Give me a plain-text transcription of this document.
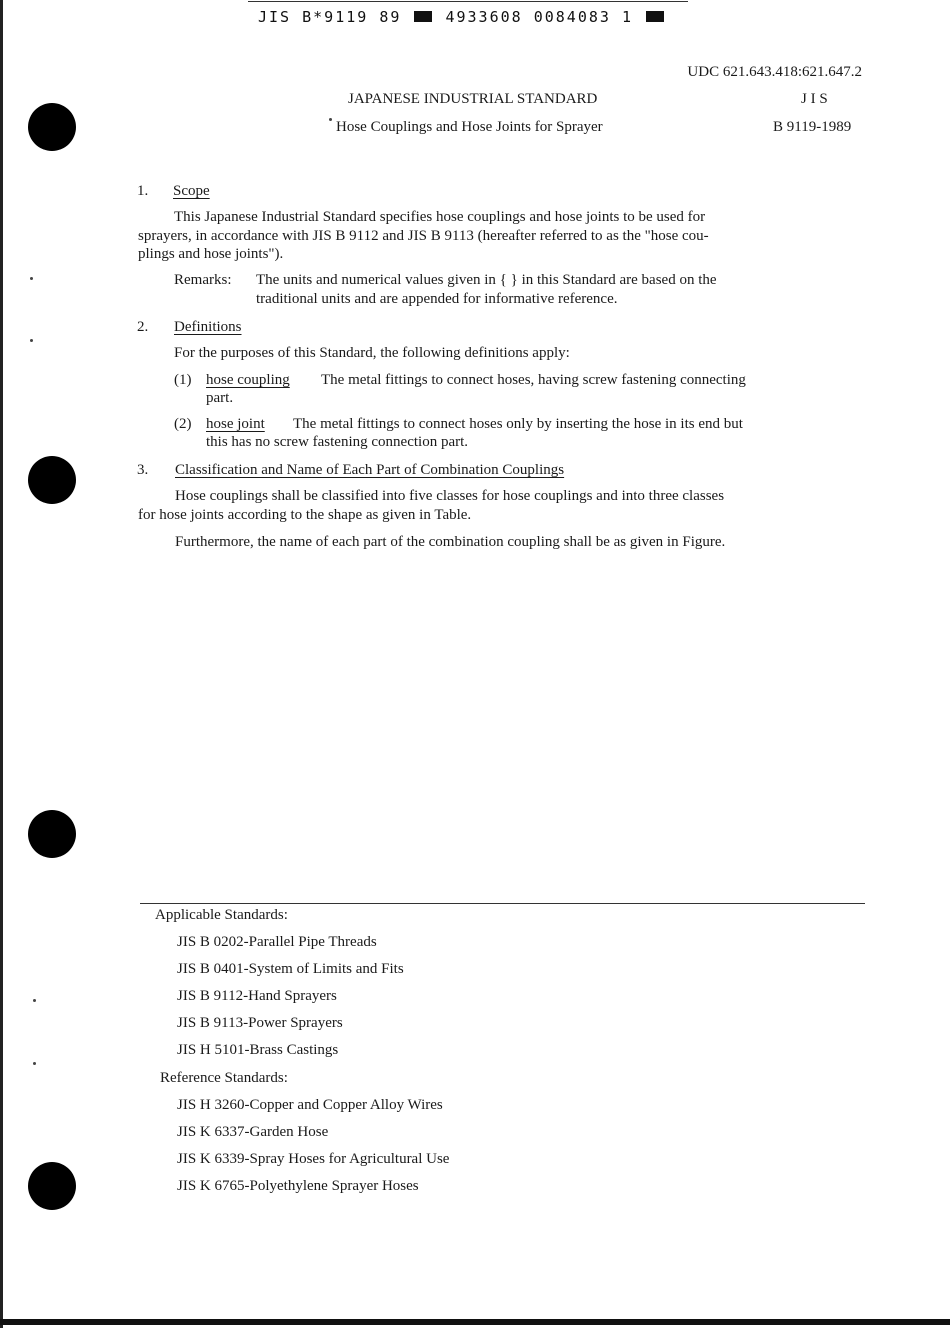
JIS B*9119 89	4933608 0084083 1
UDC 621.643.418:621.647.2
JAPANESE INDUSTRIAL STANDARD	J I S
Hose Couplings and Hose Joints for Sprayer	B 9119-1989
1. Scope
This Japanese Industrial Standard specifies hose couplings and hose joints to be used for
sprayers, in accordance with JIS B 9112 and JIS B 9113 (hereafter referred to as the "hose cou-
plings and hose joints").
Remarks: The units and numerical values given in { } in this Standard are based on the
traditional units and are appended for informative reference.
2. Definitions
For the purposes of this Standard, the following definitions apply:
(1) hose coupling The metal fittings to connect hoses, having screw fastening connecting
part.
(2) hose joint The metal fittings to connect hoses only by inserting the hose in its end but
this has no screw fastening connection part.
3. Classification and Name of Each Part of Combination Couplings
Hose couplings shall be classified into five classes for hose couplings and into three classes
for hose joints according to the shape as given in Table.
Furthermore, the name of each part of the combination coupling shall be as given in Figure.
Applicable Standards:
JIS B 0202-Parallel Pipe Threads
JIS B 0401-System of Limits and Fits
JIS B 9112-Hand Sprayers
JIS B 9113-Power Sprayers
JIS H 5101-Brass Castings
Reference Standards:
JIS H 3260-Copper and Copper Alloy Wires
JIS K 6337-Garden Hose
JIS K 6339-Spray Hoses for Agricultural Use
JIS K 6765-Polyethylene Sprayer Hoses
